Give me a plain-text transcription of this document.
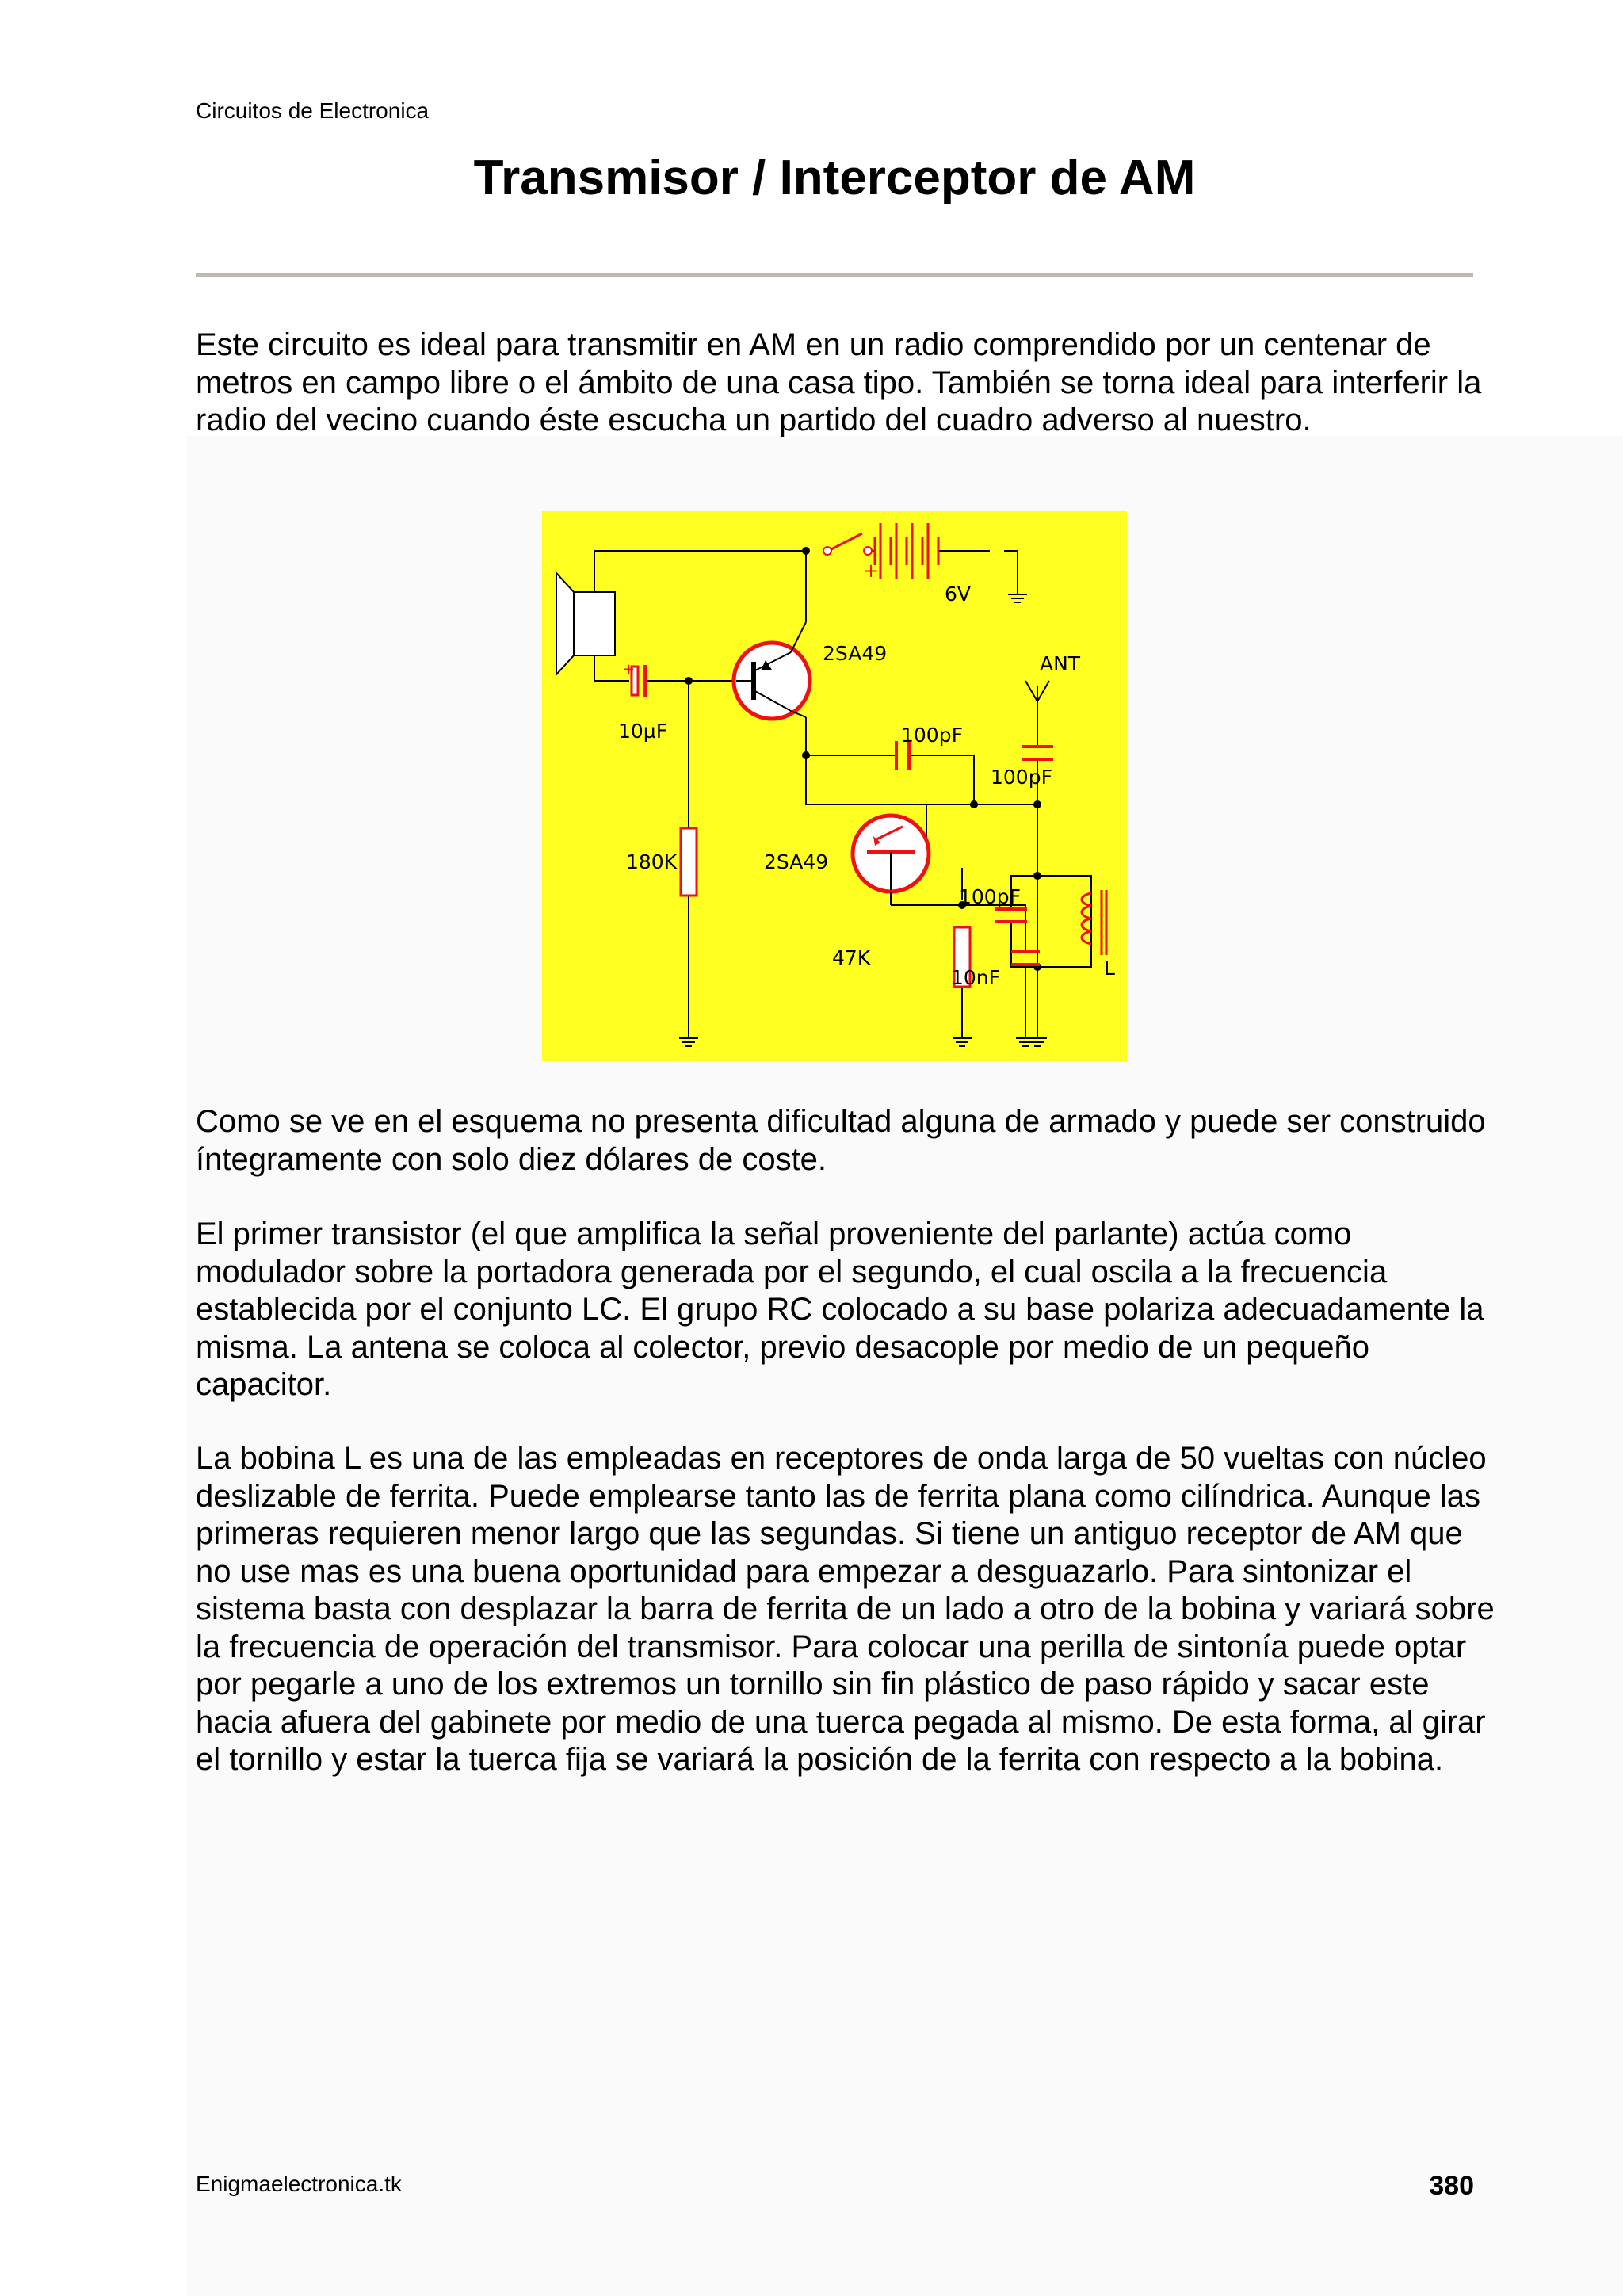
Circuitos de Electronica
Transmisor / Interceptor de AM

Este circuito es ideal para transmitir en AM en un radio comprendido por un centenar de metros en campo libre o el ámbito de una casa tipo. También se torna ideal para interferir la radio del vecino cuando éste escucha un partido del cuadro adverso al nuestro.

10µF
+
+
6V
2SA49
100pF
2SA49
180K
47K
10nF
ANT
100pF
100pF
L

Como se ve en el esquema no presenta dificultad alguna de armado y puede ser construido íntegramente con solo diez dólares de coste.

El primer transistor (el que amplifica la señal proveniente del parlante) actúa como modulador sobre la portadora generada por el segundo, el cual oscila a la frecuencia establecida por el conjunto LC. El grupo RC colocado a su base polariza adecuadamente la misma. La antena se coloca al colector, previo desacople por medio de un pequeño capacitor.

La bobina L es una de las empleadas en receptores de onda larga de 50 vueltas con núcleo deslizable de ferrita. Puede emplearse tanto las de ferrita plana como cilíndrica. Aunque las primeras requieren menor largo que las segundas. Si tiene un antiguo receptor de AM que no use mas es una buena oportunidad para empezar a desguazarlo. Para sintonizar el sistema basta con desplazar la barra de ferrita de un lado a otro de la bobina y variará sobre la frecuencia de operación del transmisor. Para colocar una perilla de sintonía puede optar por pegarle a uno de los extremos un tornillo sin fin plástico de paso rápido y sacar este hacia afuera del gabinete por medio de una tuerca pegada al mismo. De esta forma, al girar el tornillo y estar la tuerca fija se variará la posición de la ferrita con respecto a la bobina.

Enigmaelectronica.tk	380
